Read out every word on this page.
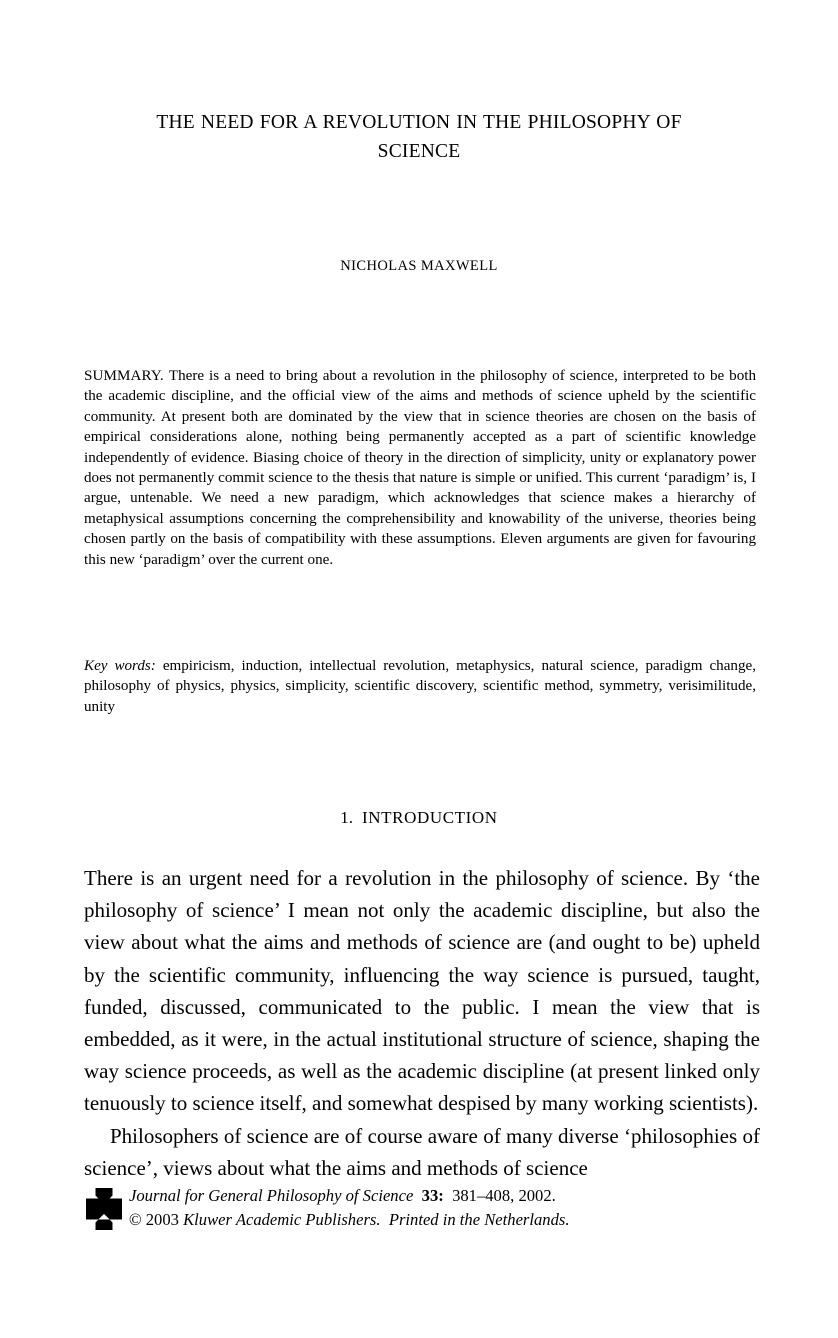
THE NEED FOR A REVOLUTION IN THE PHILOSOPHY OF
SCIENCE
NICHOLAS MAXWELL
SUMMARY. There is a need to bring about a revolution in the philosophy of science, interpreted to be both the academic discipline, and the official view of the aims and methods of science upheld by the scientific community. At present both are dominated by the view that in science theories are chosen on the basis of empirical considerations alone, nothing being permanently accepted as a part of scientific knowledge independently of evidence. Biasing choice of theory in the direction of simplicity, unity or explanatory power does not permanently commit science to the thesis that nature is simple or unified. This current ‘paradigm’ is, I argue, untenable. We need a new paradigm, which acknowledges that science makes a hierarchy of metaphysical assumptions concerning the comprehensibility and knowability of the universe, theories being chosen partly on the basis of compatibility with these assumptions. Eleven arguments are given for favouring this new ‘paradigm’ over the current one.
Key words: empiricism, induction, intellectual revolution, metaphysics, natural science, paradigm change, philosophy of physics, physics, simplicity, scientific discovery, scientific method, symmetry, verisimilitude, unity
1. INTRODUCTION

There is an urgent need for a revolution in the philosophy of science. By ‘the philosophy of science’ I mean not only the academic discipline, but also the view about what the aims and methods of science are (and ought to be) upheld by the scientific community, influencing the way science is pursued, taught, funded, discussed, communicated to the public. I mean the view that is embedded, as it were, in the actual institutional structure of science, shaping the way science proceeds, as well as the academic discipline (at present linked only tenuously to science itself, and somewhat despised by many working scientists).

Philosophers of science are of course aware of many diverse ‘philosophies of science’, views about what the aims and methods of science

Journal for General Philosophy of Science 33: 381–408, 2002.
© 2003 Kluwer Academic Publishers. Printed in the Netherlands.
